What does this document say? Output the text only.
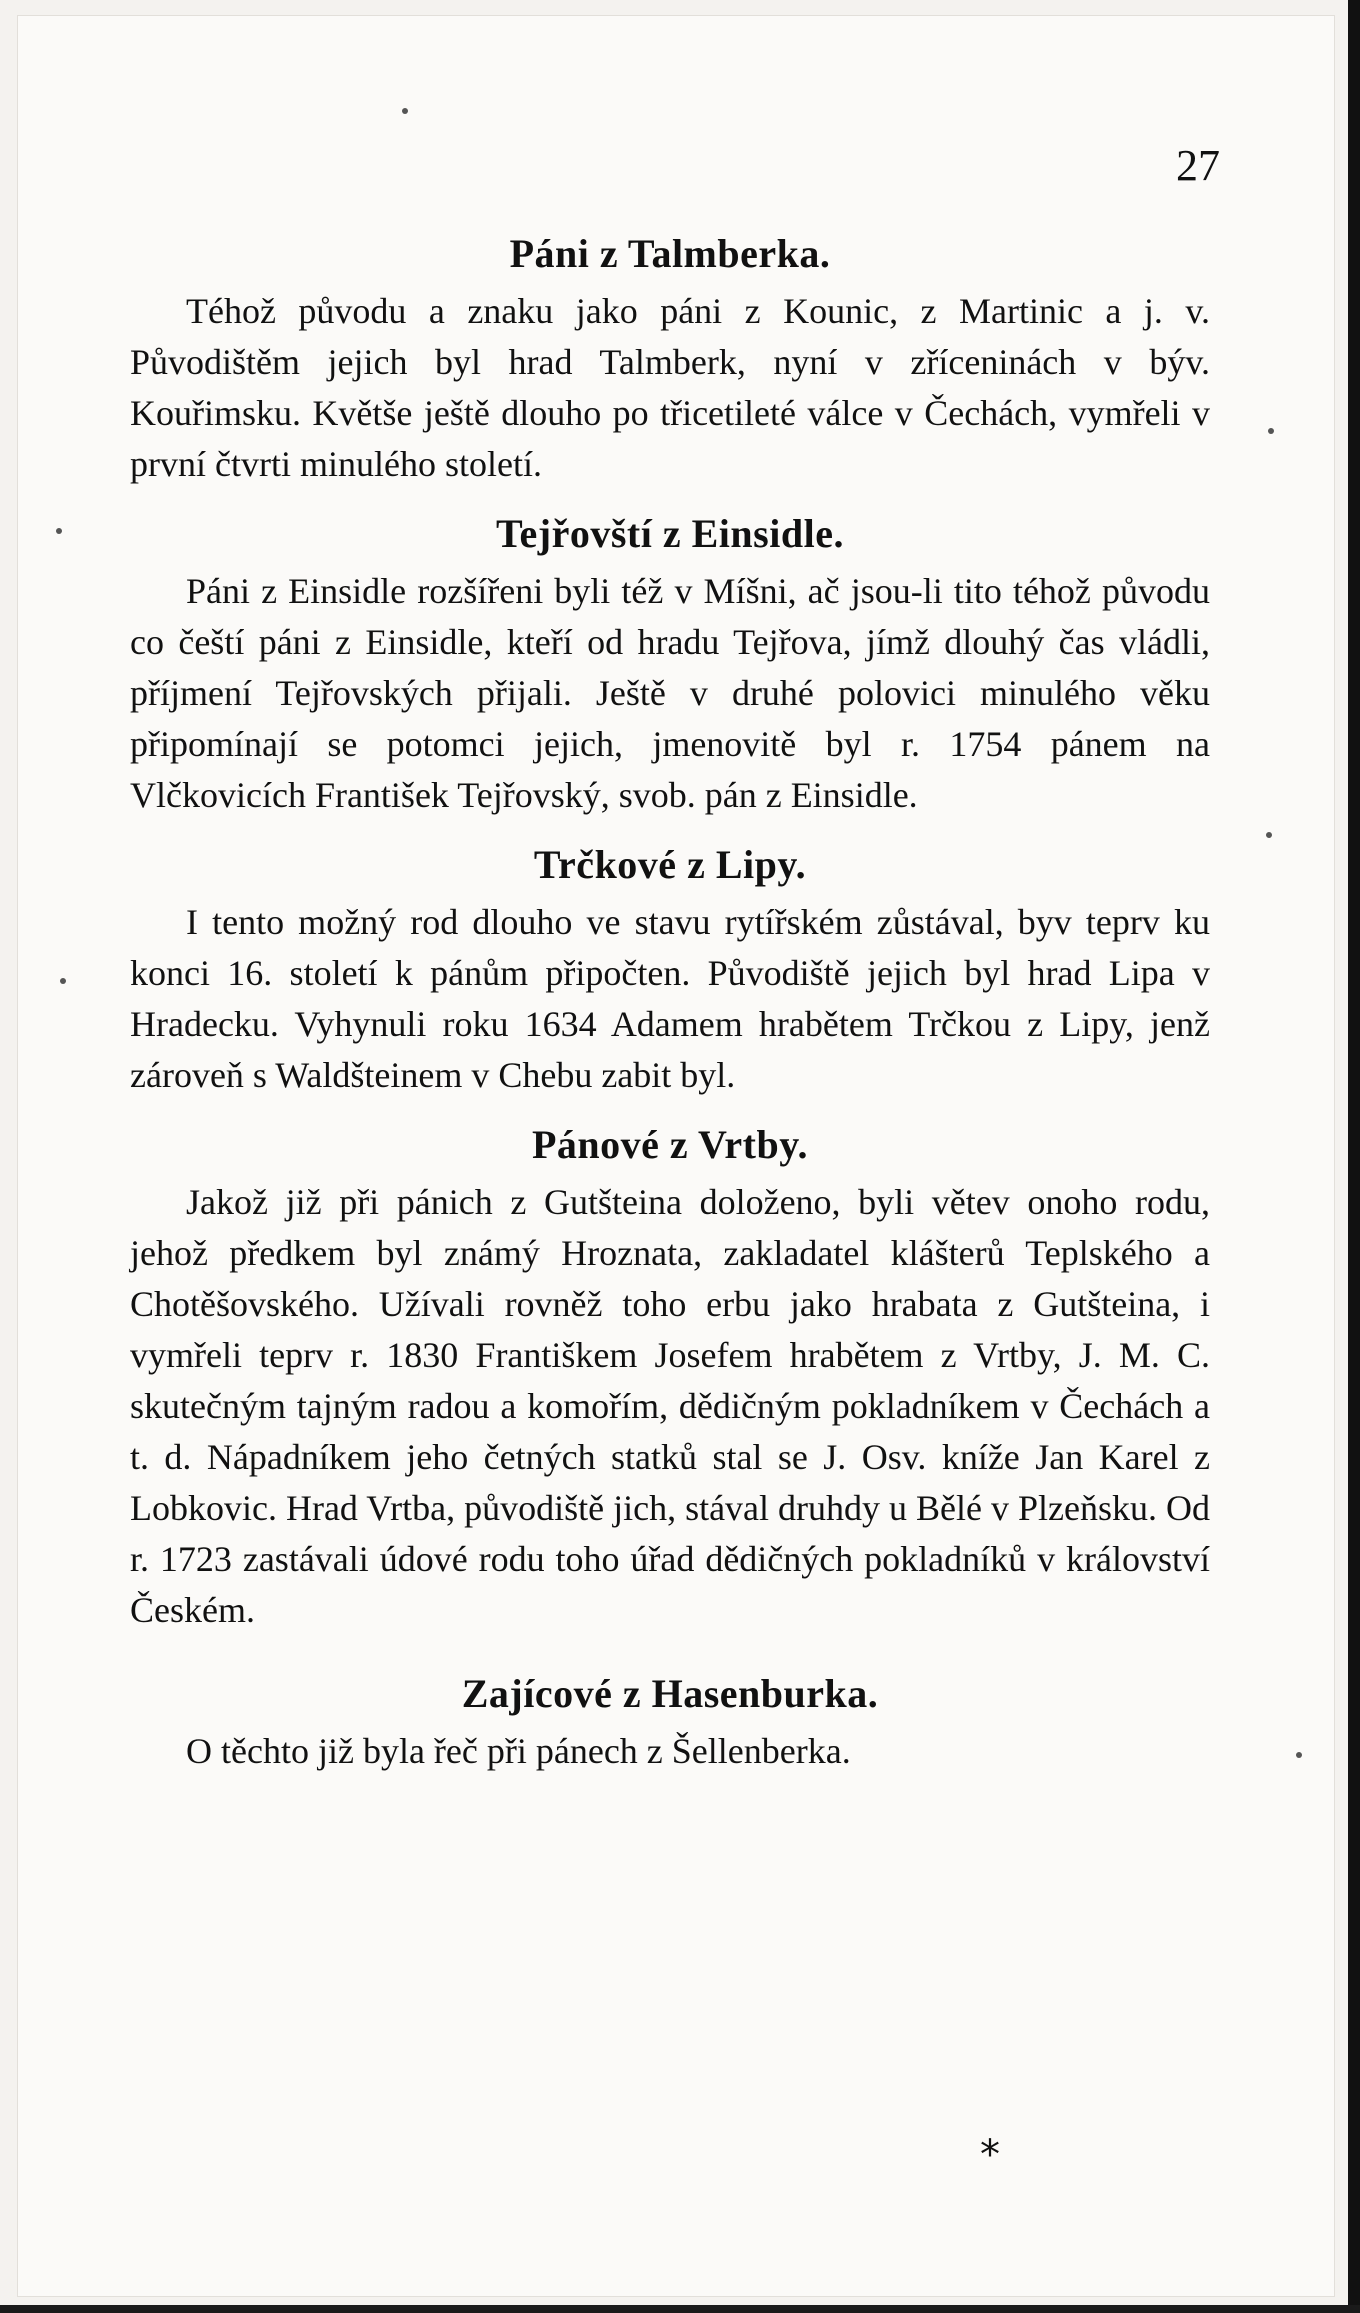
27
Páni z Talmberka.

Téhož původu a znaku jako páni z Kounic, z Martinic a j. v. Původištěm jejich byl hrad Talmberk, nyní v zříceninách v býv. Kouřimsku. Květše ještě dlouho po třicetileté válce v Čechách, vymřeli v první čtvrti minulého století.

Tejřovští z Einsidle.

Páni z Einsidle rozšířeni byli též v Míšni, ač jsou-li tito téhož původu co čeští páni z Einsidle, kteří od hradu Tejřova, jímž dlouhý čas vládli, příjmení Tejřovských přijali. Ještě v druhé polovici minulého věku připomínají se potomci jejich, jmenovitě byl r. 1754 pánem na Vlčkovicích František Tejřovský, svob. pán z Einsidle.

Trčkové z Lipy.

I tento možný rod dlouho ve stavu rytířském zůstával, byv teprv ku konci 16. století k pánům připočten. Původiště jejich byl hrad Lipa v Hradecku. Vyhynuli roku 1634 Adamem hrabětem Trčkou z Lipy, jenž zároveň s Waldšteinem v Chebu zabit byl.

Pánové z Vrtby.

Jakož již při pánich z Gutšteina doloženo, byli větev onoho rodu, jehož předkem byl známý Hroznata, zakladatel klášterů Teplského a Chotěšovského. Užívali rovněž toho erbu jako hrabata z Gutšteina, i vymřeli teprv r. 1830 Františkem Josefem hrabětem z Vrtby, J. M. C. skutečným tajným radou a komořím, dědičným pokladníkem v Čechách a t. d. Nápadníkem jeho četných statků stal se J. Osv. kníže Jan Karel z Lobkovic. Hrad Vrtba, původiště jich, stával druhdy u Bělé v Plzeňsku. Od r. 1723 zastávali údové rodu toho úřad dědičných pokladníků v království Českém.

Zajícové z Hasenburka.

O těchto již byla řeč při pánech z Šellenberka.

*
